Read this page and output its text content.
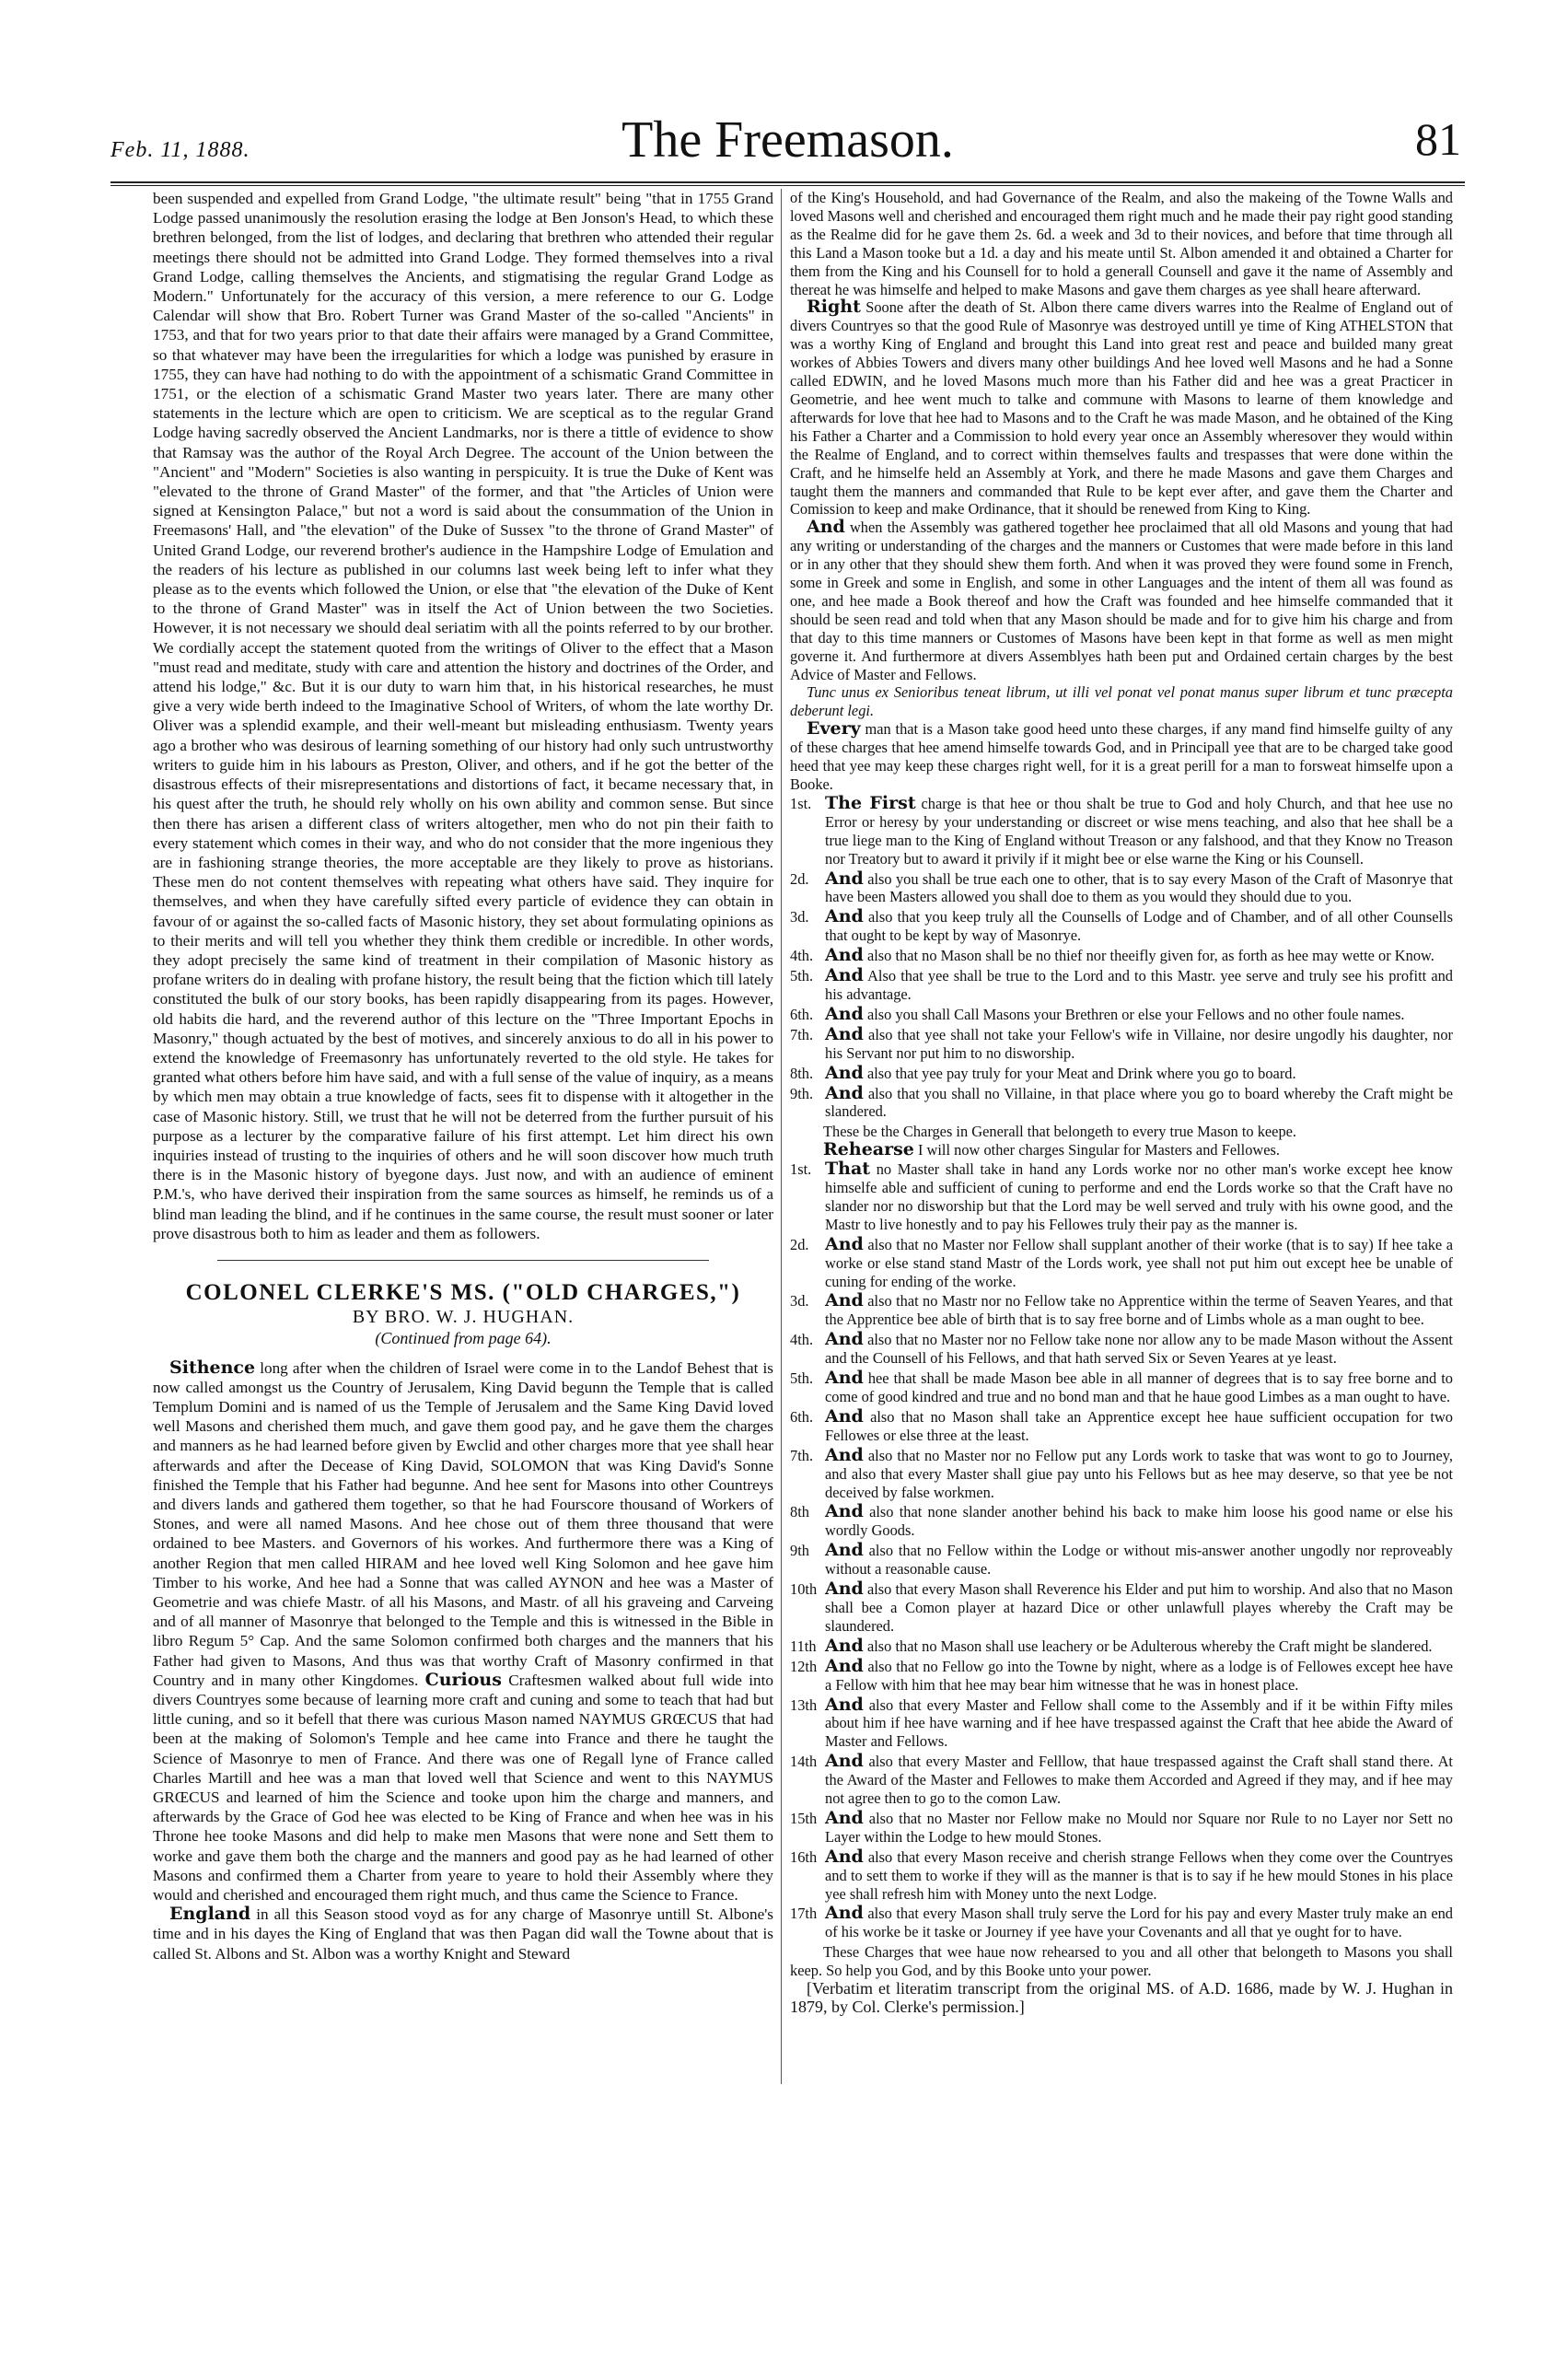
Feb. 11, 1888.	The Freemason.	81

been suspended and expelled from Grand Lodge, "the ultimate result" being "that in 1755 Grand Lodge passed unanimously the resolution erasing the lodge at Ben Jonson's Head, to which these brethren belonged, from the list of lodges, and declaring that brethren who attended their regular meetings there should not be admitted into Grand Lodge. They formed themselves into a rival Grand Lodge, calling themselves the Ancients, and stigmatising the regular Grand Lodge as Modern." Unfortunately for the accuracy of this version, a mere reference to our G. Lodge Calendar will show that Bro. Robert Turner was Grand Master of the so-called "Ancients" in 1753, and that for two years prior to that date their affairs were managed by a Grand Committee, so that whatever may have been the irregularities for which a lodge was punished by erasure in 1755, they can have had nothing to do with the appointment of a schismatic Grand Committee in 1751, or the election of a schismatic Grand Master two years later. There are many other statements in the lecture which are open to criticism. We are sceptical as to the regular Grand Lodge having sacredly observed the Ancient Landmarks, nor is there a tittle of evidence to show that Ramsay was the author of the Royal Arch Degree. The account of the Union between the "Ancient" and "Modern" Societies is also wanting in perspicuity. It is true the Duke of Kent was "elevated to the throne of Grand Master" of the former, and that "the Articles of Union were signed at Kensington Palace," but not a word is said about the consummation of the Union in Freemasons' Hall, and "the elevation" of the Duke of Sussex "to the throne of Grand Master" of United Grand Lodge, our reverend brother's audience in the Hampshire Lodge of Emulation and the readers of his lecture as published in our columns last week being left to infer what they please as to the events which followed the Union, or else that "the elevation of the Duke of Kent to the throne of Grand Master" was in itself the Act of Union between the two Societies. However, it is not necessary we should deal seriatim with all the points referred to by our brother. We cordially accept the statement quoted from the writings of Oliver to the effect that a Mason "must read and meditate, study with care and attention the history and doctrines of the Order, and attend his lodge," &c. But it is our duty to warn him that, in his historical researches, he must give a very wide berth indeed to the Imaginative School of Writers, of whom the late worthy Dr. Oliver was a splendid example, and their well-meant but misleading enthusiasm. Twenty years ago a brother who was desirous of learning something of our history had only such untrustworthy writers to guide him in his labours as Preston, Oliver, and others, and if he got the better of the disastrous effects of their misrepresentations and distortions of fact, it became necessary that, in his quest after the truth, he should rely wholly on his own ability and common sense. But since then there has arisen a different class of writers altogether, men who do not pin their faith to every statement which comes in their way, and who do not consider that the more ingenious they are in fashioning strange theories, the more acceptable are they likely to prove as historians. These men do not content themselves with repeating what others have said. They inquire for themselves, and when they have carefully sifted every particle of evidence they can obtain in favour of or against the so-called facts of Masonic history, they set about formulating opinions as to their merits and will tell you whether they think them credible or incredible. In other words, they adopt precisely the same kind of treatment in their compilation of Masonic history as profane writers do in dealing with profane history, the result being that the fiction which till lately constituted the bulk of our story books, has been rapidly disappearing from its pages. However, old habits die hard, and the reverend author of this lecture on the "Three Important Epochs in Masonry," though actuated by the best of motives, and sincerely anxious to do all in his power to extend the knowledge of Freemasonry has unfortunately reverted to the old style. He takes for granted what others before him have said, and with a full sense of the value of inquiry, as a means by which men may obtain a true knowledge of facts, sees fit to dispense with it altogether in the case of Masonic history. Still, we trust that he will not be deterred from the further pursuit of his purpose as a lecturer by the comparative failure of his first attempt. Let him direct his own inquiries instead of trusting to the inquiries of others and he will soon discover how much truth there is in the Masonic history of byegone days. Just now, and with an audience of eminent P.M.'s, who have derived their inspiration from the same sources as himself, he reminds us of a blind man leading the blind, and if he continues in the same course, the result must sooner or later prove disastrous both to him as leader and them as followers.

COLONEL CLERKE'S MS. ("OLD CHARGES,")
BY BRO. W. J. HUGHAN.
(Continued from page 64).

Sithence long after when the children of Israel were come in to the Landof Behest that is now called amongst us the Country of Jerusalem, King David begunn the Temple that is called Templum Domini and is named of us the Temple of Jerusalem and the Same King David loved well Masons and cherished them much, and gave them good pay, and he gave them the charges and manners as he had learned before given by Ewclid and other charges more that yee shall hear afterwards and after the Decease of King David, SOLOMON that was King David's Sonne finished the Temple that his Father had begunne. And hee sent for Masons into other Countreys and divers lands and gathered them together, so that he had Fourscore thousand of Workers of Stones, and were all named Masons. And hee chose out of them three thousand that were ordained to bee Masters. and Governors of his workes. And furthermore there was a King of another Region that men called HIRAM and hee loved well King Solomon and hee gave him Timber to his worke, And hee had a Sonne that was called AYNON and hee was a Master of Geometrie and was chiefe Mastr. of all his Masons, and Mastr. of all his graveing and Carveing and of all manner of Masonrye that belonged to the Temple and this is witnessed in the Bible in libro Regum 5° Cap. And the same Solomon confirmed both charges and the manners that his Father had given to Masons, And thus was that worthy Craft of Masonry confirmed in that Country and in many other Kingdomes. Curious Craftesmen walked about full wide into divers Countryes some because of learning more craft and cuning and some to teach that had but little cuning, and so it befell that there was curious Mason named NAYMUS GRŒCUS that had been at the making of Solomon's Temple and hee came into France and there he taught the Science of Masonrye to men of France. And there was one of Regall lyne of France called Charles Martill and hee was a man that loved well that Science and went to this NAYMUS GRŒCUS and learned of him the Science and tooke upon him the charge and manners, and afterwards by the Grace of God hee was elected to be King of France and when hee was in his Throne hee tooke Masons and did help to make men Masons that were none and Sett them to worke and gave them both the charge and the manners and good pay as he had learned of other Masons and confirmed them a Charter from yeare to yeare to hold their Assembly where they would and cherished and encouraged them right much, and thus came the Science to France.

England in all this Season stood voyd as for any charge of Masonrye untill St. Albone's time and in his dayes the King of England that was then Pagan did wall the Towne about that is called St. Albons and St. Albon was a worthy Knight and Steward

of the King's Household, and had Governance of the Realm, and also the makeing of the Towne Walls and loved Masons well and cherished and encouraged them right much and he made their pay right good standing as the Realme did for he gave them 2s. 6d. a week and 3d to their novices, and before that time through all this Land a Mason tooke but a 1d. a day and his meate until St. Albon amended it and obtained a Charter for them from the King and his Counsell for to hold a generall Counsell and gave it the name of Assembly and thereat he was himselfe and helped to make Masons and gave them charges as yee shall heare afterward.

Right Soone after the death of St. Albon there came divers warres into the Realme of England out of divers Countryes so that the good Rule of Masonrye was destroyed untill ye time of King ATHELSTON that was a worthy King of England and brought this Land into great rest and peace and builded many great workes of Abbies Towers and divers many other buildings And hee loved well Masons and he had a Sonne called EDWIN, and he loved Masons much more than his Father did and hee was a great Practicer in Geometrie, and hee went much to talke and commune with Masons to learne of them knowledge and afterwards for love that hee had to Masons and to the Craft he was made Mason, and he obtained of the King his Father a Charter and a Commission to hold every year once an Assembly wheresover they would within the Realme of England, and to correct within themselves faults and trespasses that were done within the Craft, and he himselfe held an Assembly at York, and there he made Masons and gave them Charges and taught them the manners and commanded that Rule to be kept ever after, and gave them the Charter and Comission to keep and make Ordinance, that it should be renewed from King to King.

And when the Assembly was gathered together hee proclaimed that all old Masons and young that had any writing or understanding of the charges and the manners or Customes that were made before in this land or in any other that they should shew them forth. And when it was proved they were found some in French, some in Greek and some in English, and some in other Languages and the intent of them all was found as one, and hee made a Book thereof and how the Craft was founded and hee himselfe commanded that it should be seen read and told when that any Mason should be made and for to give him his charge and from that day to this time manners or Customes of Masons have been kept in that forme as well as men might governe it. And furthermore at divers Assemblyes hath been put and Ordained certain charges by the best Advice of Master and Fellows.

Tunc unus ex Senioribus teneat librum, ut illi vel ponat vel ponat manus super librum et tunc præcepta deberunt legi.

Every man that is a Mason take good heed unto these charges, if any mand find himselfe guilty of any of these charges that hee amend himselfe towards God, and in Principall yee that are to be charged take good heed that yee may keep these charges right well, for it is a great perill for a man to forsweat himselfe upon a Booke.

1st. The First charge is that hee or thou shalt be true to God and holy Church, and that hee use no Error or heresy by your understanding or discreet or wise mens teaching, and also that hee shall be a true liege man to the King of England without Treason or any falshood, and that they Know no Treason nor Treatory but to award it privily if it might bee or else warne the King or his Counsell.
2d. And also you shall be true each one to other, that is to say every Mason of the Craft of Masonrye that have been Masters allowed you shall doe to them as you would they should due to you.
3d. And also that you keep truly all the Counsells of Lodge and of Chamber, and of all other Counsells that ought to be kept by way of Masonrye.
4th. And also that no Mason shall be no thief nor theeifly given for, as forth as hee may wette or Know.
5th. And Also that yee shall be true to the Lord and to this Mastr. yee serve and truly see his profitt and his advantage.
6th. And also you shall Call Masons your Brethren or else your Fellows and no other foule names.
7th. And also that yee shall not take your Fellow's wife in Villaine, nor desire ungodly his daughter, nor his Servant nor put him to no disworship.
8th. And also that yee pay truly for your Meat and Drink where you go to board.
9th. And also that you shall no Villaine, in that place where you go to board whereby the Craft might be slandered.

These be the Charges in Generall that belongeth to every true Mason to keepe.

Rehearse I will now other charges Singular for Masters and Fellowes.

1st. That no Master shall take in hand any Lords worke nor no other man's worke except hee know himselfe able and sufficient of cuning to performe and end the Lords worke so that the Craft have no slander nor no disworship but that the Lord may be well served and truly with his owne good, and the Mastr to live honestly and to pay his Fellowes truly their pay as the manner is.
2d. And also that no Master nor Fellow shall supplant another of their worke (that is to say) If hee take a worke or else stand stand Mastr of the Lords work, yee shall not put him out except hee be unable of cuning for ending of the worke.
3d. And also that no Mastr nor no Fellow take no Apprentice within the terme of Seaven Yeares, and that the Apprentice bee able of birth that is to say free borne and of Limbs whole as a man ought to bee.
4th. And also that no Master nor no Fellow take none nor allow any to be made Mason without the Assent and the Counsell of his Fellows, and that hath served Six or Seven Yeares at ye least.
5th. And hee that shall be made Mason bee able in all manner of degrees that is to say free borne and to come of good kindred and true and no bond man and that he haue good Limbes as a man ought to have.
6th. And also that no Mason shall take an Apprentice except hee haue sufficient occupation for two Fellowes or else three at the least.
7th. And also that no Master nor no Fellow put any Lords work to taske that was wont to go to Journey, and also that every Master shall giue pay unto his Fellows but as hee may deserve, so that yee be not deceived by false workmen.
8th And also that none slander another behind his back to make him loose his good name or else his wordly Goods.
9th And also that no Fellow within the Lodge or without mis-answer another ungodly nor reproveably without a reasonable cause.
10th And also that every Mason shall Reverence his Elder and put him to worship. And also that no Mason shall bee a Comon player at hazard Dice or other unlawfull playes whereby the Craft may be slaundered.
11th And also that no Mason shall use leachery or be Adulterous whereby the Craft might be slandered.
12th And also that no Fellow go into the Towne by night, where as a lodge is of Fellowes except hee have a Fellow with him that hee may bear him witnesse that he was in honest place.
13th And also that every Master and Fellow shall come to the Assembly and if it be within Fifty miles about him if hee have warning and if hee have trespassed against the Craft that hee abide the Award of Master and Fellows.
14th And also that every Master and Felllow, that haue trespassed against the Craft shall stand there. At the Award of the Master and Fellowes to make them Accorded and Agreed if they may, and if hee may not agree then to go to the comon Law.
15th And also that no Master nor Fellow make no Mould nor Square nor Rule to no Layer nor Sett no Layer within the Lodge to hew mould Stones.
16th And also that every Mason receive and cherish strange Fellows when they come over the Countryes and to sett them to worke if they will as the manner is that is to say if he hew mould Stones in his place yee shall refresh him with Money unto the next Lodge.
17th And also that every Mason shall truly serve the Lord for his pay and every Master truly make an end of his worke be it taske or Journey if yee have your Covenants and all that ye ought for to have.

These Charges that wee haue now rehearsed to you and all other that belongeth to Masons you shall keep. So help you God, and by this Booke unto your power.

[Verbatim et literatim transcript from the original MS. of A.D. 1686, made by W. J. Hughan in 1879, by Col. Clerke's permission.]
